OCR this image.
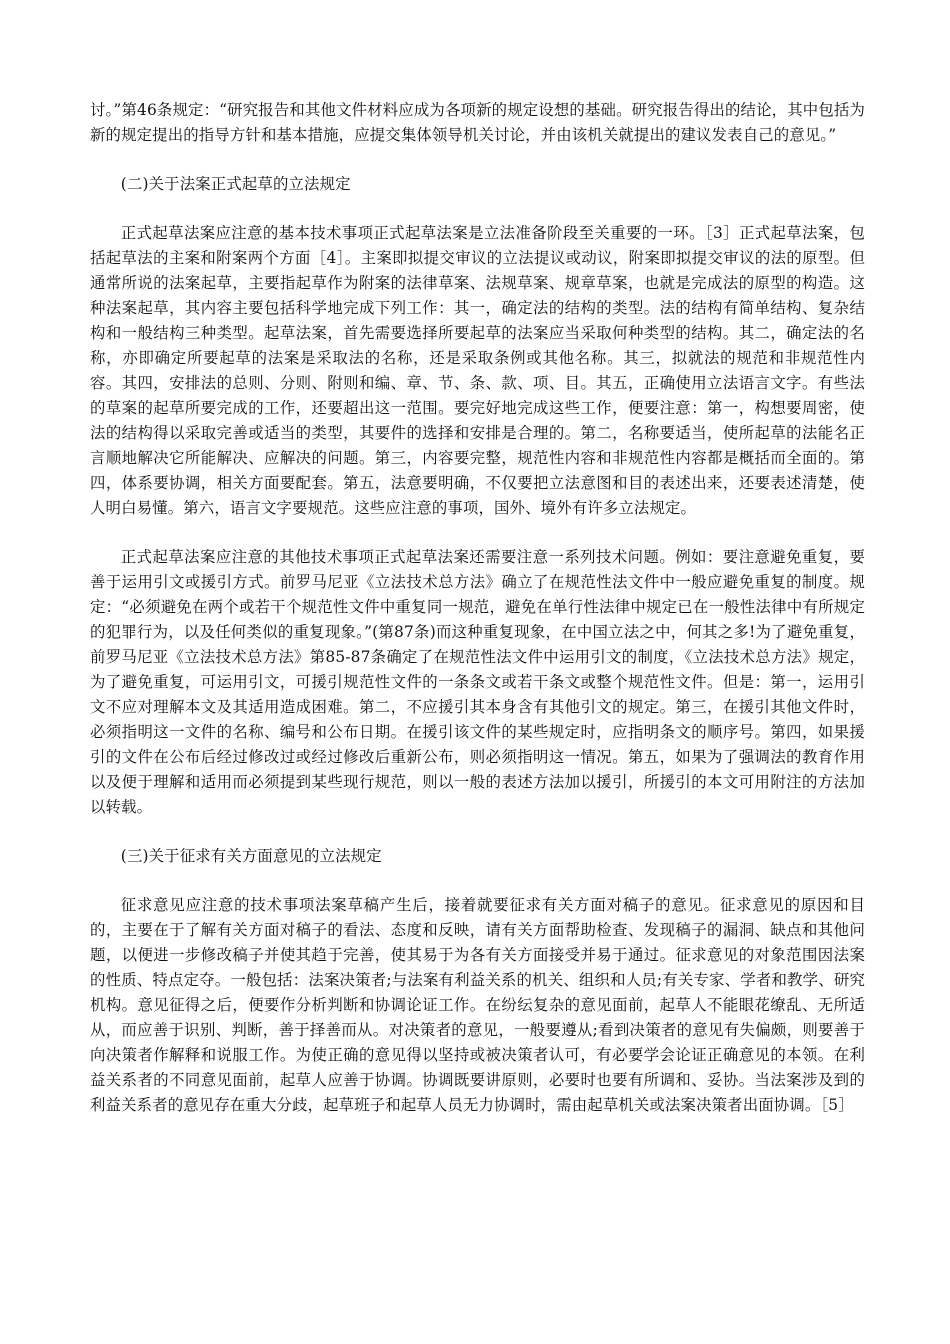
讨。”第46条规定：“研究报告和其他文件材料应成为各项新的规定设想的基础。研究报告得出的结论，其中包括为新的规定提出的指导方针和基本措施，应提交集体领导机关讨论，并由该机关就提出的建议发表自己的意见。”

(二)关于法案正式起草的立法规定

正式起草法案应注意的基本技术事项正式起草法案是立法准备阶段至关重要的一环。［3］正式起草法案，包括起草法的主案和附案两个方面［4］。主案即拟提交审议的立法提议或动议，附案即拟提交审议的法的原型。但通常所说的法案起草，主要指起草作为附案的法律草案、法规草案、规章草案，也就是完成法的原型的构造。这种法案起草，其内容主要包括科学地完成下列工作：其一，确定法的结构的类型。法的结构有简单结构、复杂结构和一般结构三种类型。起草法案，首先需要选择所要起草的法案应当采取何种类型的结构。其二，确定法的名称，亦即确定所要起草的法案是采取法的名称，还是采取条例或其他名称。其三，拟就法的规范和非规范性内容。其四，安排法的总则、分则、附则和编、章、节、条、款、项、目。其五，正确使用立法语言文字。有些法的草案的起草所要完成的工作，还要超出这一范围。要完好地完成这些工作，便要注意：第一，构想要周密，使法的结构得以采取完善或适当的类型，其要件的选择和安排是合理的。第二，名称要适当，使所起草的法能名正言顺地解决它所能解决、应解决的问题。第三，内容要完整，规范性内容和非规范性内容都是概括而全面的。第四，体系要协调，相关方面要配套。第五，法意要明确，不仅要把立法意图和目的表述出来，还要表述清楚，使人明白易懂。第六，语言文字要规范。这些应注意的事项，国外、境外有许多立法规定。

正式起草法案应注意的其他技术事项正式起草法案还需要注意一系列技术问题。例如：要注意避免重复，要善于运用引文或援引方式。前罗马尼亚《立法技术总方法》确立了在规范性法文件中一般应避免重复的制度。规定：“必须避免在两个或若干个规范性文件中重复同一规范，避免在单行性法律中规定已在一般性法律中有所规定的犯罪行为，以及任何类似的重复现象。”(第87条)而这种重复现象，在中国立法之中，何其之多!为了避免重复，前罗马尼亚《立法技术总方法》第85-87条确定了在规范性法文件中运用引文的制度，《立法技术总方法》规定，为了避免重复，可运用引文，可援引规范性文件的一条条文或若干条文或整个规范性文件。但是：第一，运用引文不应对理解本文及其适用造成困难。第二，不应援引其本身含有其他引文的规定。第三，在援引其他文件时，必须指明这一文件的名称、编号和公布日期。在援引该文件的某些规定时，应指明条文的顺序号。第四，如果援引的文件在公布后经过修改过或经过修改后重新公布，则必须指明这一情况。第五，如果为了强调法的教育作用以及便于理解和适用而必须提到某些现行规范，则以一般的表述方法加以援引，所援引的本文可用附注的方法加以转载。

(三)关于征求有关方面意见的立法规定

征求意见应注意的技术事项法案草稿产生后，接着就要征求有关方面对稿子的意见。征求意见的原因和目的，主要在于了解有关方面对稿子的看法、态度和反映，请有关方面帮助检查、发现稿子的漏洞、缺点和其他问题，以便进一步修改稿子并使其趋于完善，使其易于为各有关方面接受并易于通过。征求意见的对象范围因法案的性质、特点定夺。一般包括：法案决策者;与法案有利益关系的机关、组织和人员;有关专家、学者和教学、研究机构。意见征得之后，便要作分析判断和协调论证工作。在纷纭复杂的意见面前，起草人不能眼花缭乱、无所适从，而应善于识别、判断，善于择善而从。对决策者的意见，一般要遵从;看到决策者的意见有失偏颇，则要善于向决策者作解释和说服工作。为使正确的意见得以坚持或被决策者认可，有必要学会论证正确意见的本领。在利益关系者的不同意见面前，起草人应善于协调。协调既要讲原则，必要时也要有所调和、妥协。当法案涉及到的利益关系者的意见存在重大分歧，起草班子和起草人员无力协调时，需由起草机关或法案决策者出面协调。［5］
